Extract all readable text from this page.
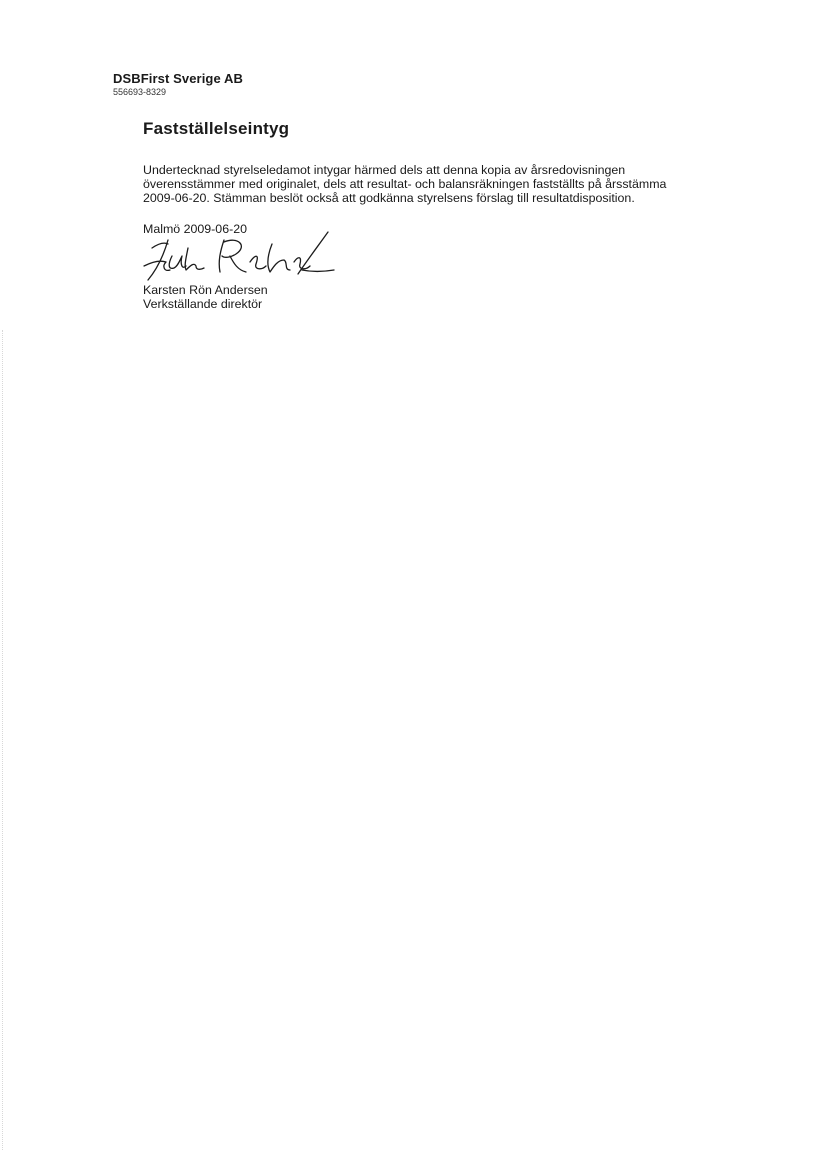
DSBFirst Sverige AB
556693-8329
Fastställelseintyg
Undertecknad styrelseledamot intygar härmed dels att denna kopia av årsredovisningen
överensstämmer med originalet, dels att resultat- och balansräkningen fastställts på årsstämma
2009-06-20. Stämman beslöt också att godkänna styrelsens förslag till resultatdisposition.
Malmö 2009-06-20
Karsten Rön Andersen
Verkställande direktör
